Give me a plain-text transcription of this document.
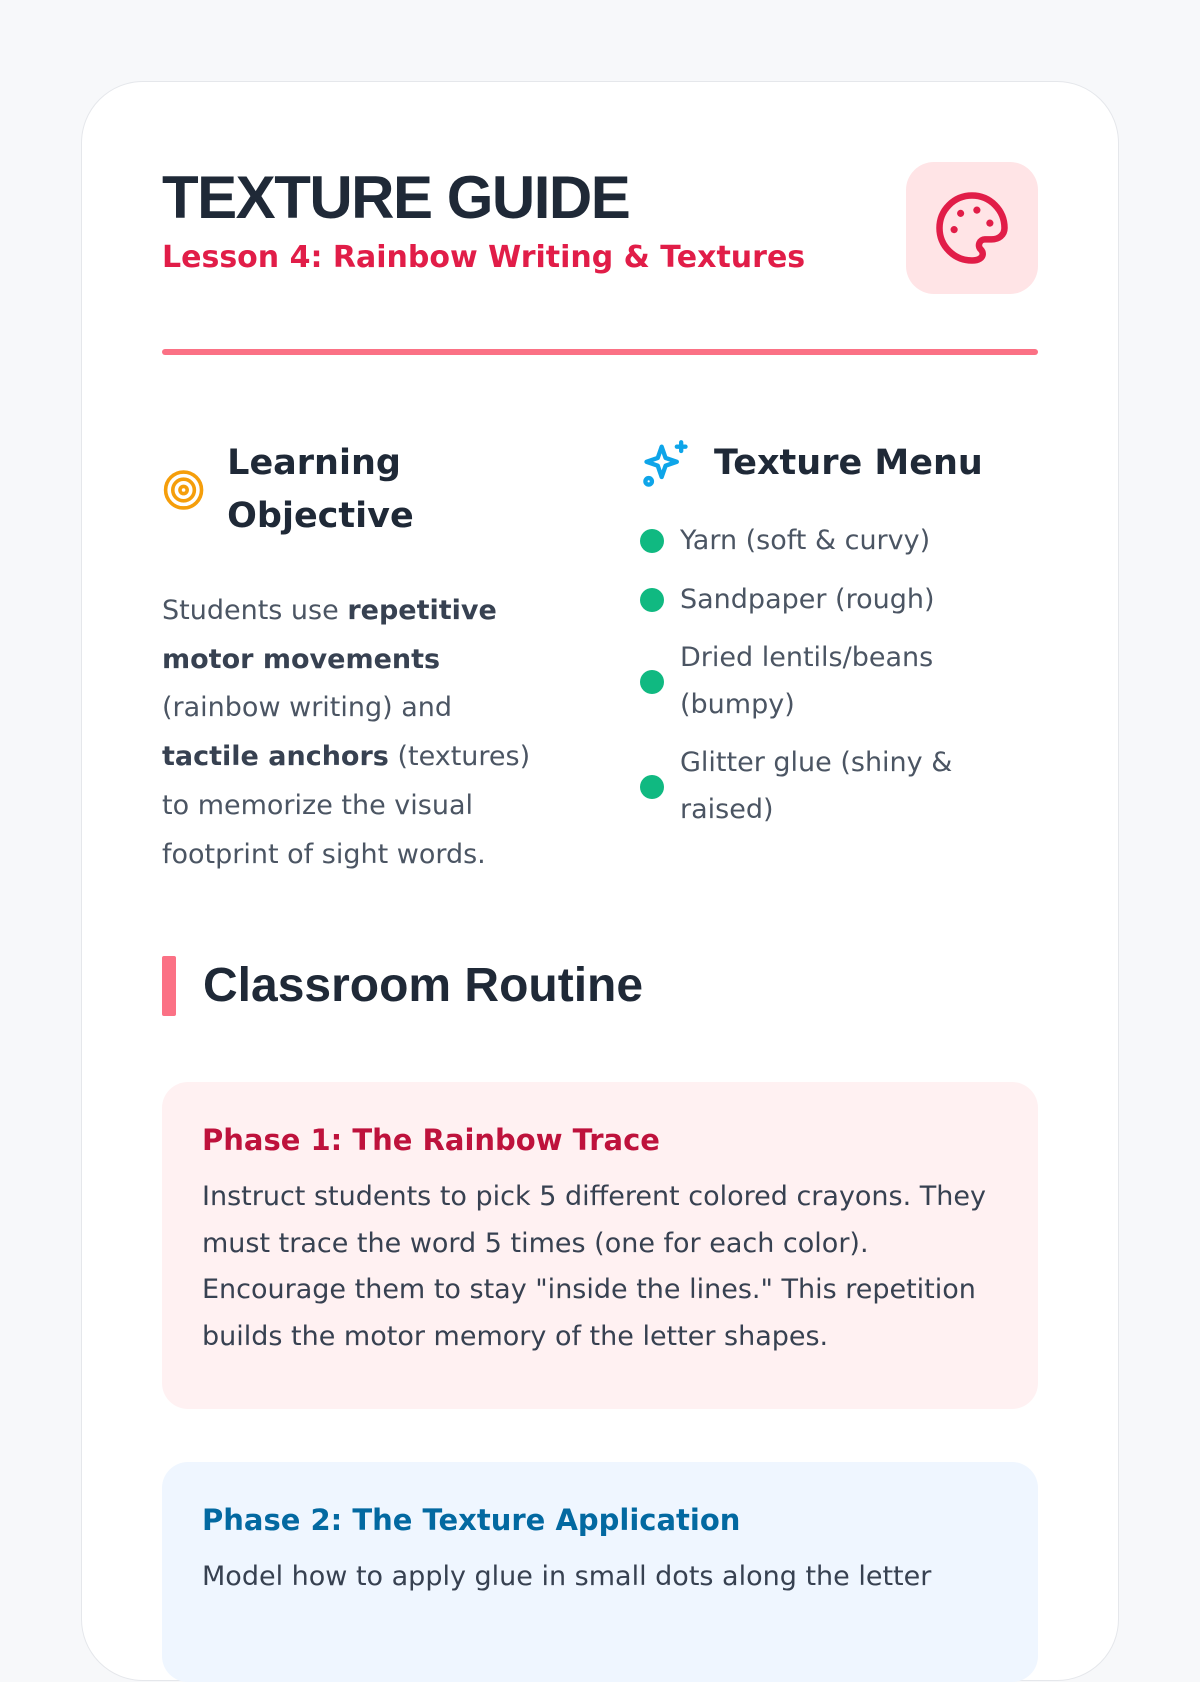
TEXTURE GUIDE
Lesson 4: Rainbow Writing & Textures
Learning Objective

Students use repetitive motor movements (rainbow writing) and tactile anchors (textures) to memorize the visual footprint of sight words.

Texture Menu
Yarn (soft & curvy)
Sandpaper (rough)
Dried lentils/beans (bumpy)
Glitter glue (shiny & raised)
Classroom Routine
Phase 1: The Rainbow Trace

Instruct students to pick 5 different colored crayons. They must trace the word 5 times (one for each color). Encourage them to stay "inside the lines." This repetition builds the motor memory of the letter shapes.

Phase 2: The Texture Application

Model how to apply glue in small dots along the letter
